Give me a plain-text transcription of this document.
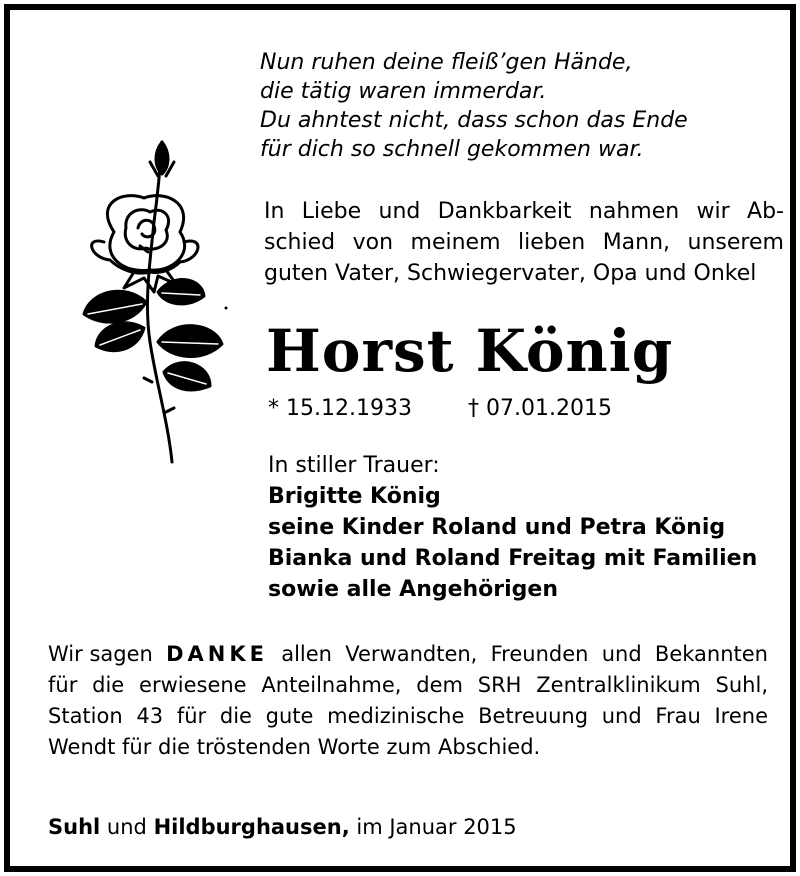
Nun ruhen deine fleiß’gen Hände,
die tätig waren immerdar.
Du ahntest nicht, dass schon das Ende
für dich so schnell gekommen war.
In Liebe und Dankbarkeit nahmen wir Ab-
schied von meinem lieben Mann, unserem
guten Vater, Schwiegervater, Opa und Onkel
Horst König
* 15.12.1933	† 07.01.2015
In stiller Trauer:
Brigitte König
seine Kinder Roland und Petra König
Bianka und Roland Freitag mit Familien
sowie alle Angehörigen
Wir sagen DANKE allen Verwandten, Freunden und Bekannten
für die erwiesene Anteilnahme, dem SRH Zentralklinikum Suhl,
Station 43 für die gute medizinische Betreuung und Frau Irene
Wendt für die tröstenden Worte zum Abschied.
Suhl und Hildburghausen, im Januar 2015
